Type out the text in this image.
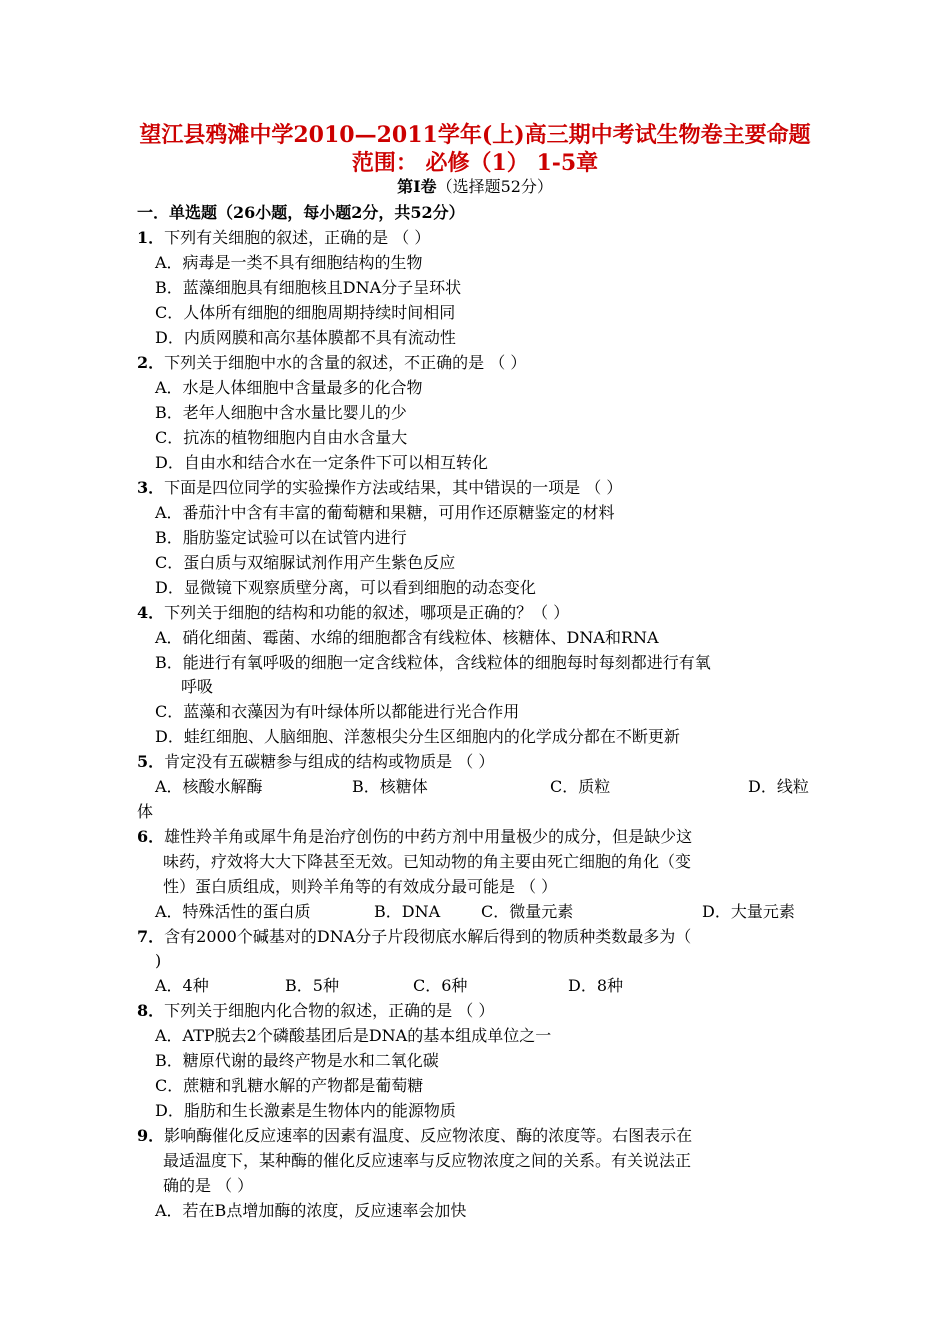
望江县鸦滩中学2010—2011学年(上)高三期中考试生物卷主要命题
范围： 必修（1） 1-5章
第Ⅰ卷（选择题52分）
一．单选题（26小题，每小题2分，共52分）
1．下列有关细胞的叙述，正确的是 （ ）
A．病毒是一类不具有细胞结构的生物
B．蓝藻细胞具有细胞核且DNA分子呈环状
C．人体所有细胞的细胞周期持续时间相同
D．内质网膜和高尔基体膜都不具有流动性
2．下列关于细胞中水的含量的叙述，不正确的是 （ ）
A．水是人体细胞中含量最多的化合物
B．老年人细胞中含水量比婴儿的少
C．抗冻的植物细胞内自由水含量大
D．自由水和结合水在一定条件下可以相互转化
3．下面是四位同学的实验操作方法或结果，其中错误的一项是 （ ）
A．番茄汁中含有丰富的葡萄糖和果糖，可用作还原糖鉴定的材料
B．脂肪鉴定试验可以在试管内进行
C．蛋白质与双缩脲试剂作用产生紫色反应
D．显微镜下观察质壁分离，可以看到细胞的动态变化
4．下列关于细胞的结构和功能的叙述，哪项是正确的？（ ）
A．硝化细菌、霉菌、水绵的细胞都含有线粒体、核糖体、DNA和RNA
B．能进行有氧呼吸的细胞一定含线粒体，含线粒体的细胞每时每刻都进行有氧
呼吸
C．蓝藻和衣藻因为有叶绿体所以都能进行光合作用
D．蛙红细胞、人脑细胞、洋葱根尖分生区细胞内的化学成分都在不断更新
5．肯定没有五碳糖参与组成的结构或物质是 （ ）
A．核酸水解酶	B．核糖体	C．质粒	D．线粒
体
6．雄性羚羊角或犀牛角是治疗创伤的中药方剂中用量极少的成分，但是缺少这
味药，疗效将大大下降甚至无效。已知动物的角主要由死亡细胞的角化（变
性）蛋白质组成，则羚羊角等的有效成分最可能是 （ ）
A．特殊活性的蛋白质	B．DNA	C．微量元素	D．大量元素
7．含有2000个碱基对的DNA分子片段彻底水解后得到的物质种类数最多为（
)
A．4种	B．5种	C．6种	D．8种
8．下列关于细胞内化合物的叙述，正确的是 （ ）
A．ATP脱去2个磷酸基团后是DNA的基本组成单位之一
B．糖原代谢的最终产物是水和二氧化碳
C．蔗糖和乳糖水解的产物都是葡萄糖
D．脂肪和生长激素是生物体内的能源物质
9．影响酶催化反应速率的因素有温度、反应物浓度、酶的浓度等。右图表示在
最适温度下，某种酶的催化反应速率与反应物浓度之间的关系。有关说法正
确的是 （ ）
A．若在B点增加酶的浓度，反应速率会加快
